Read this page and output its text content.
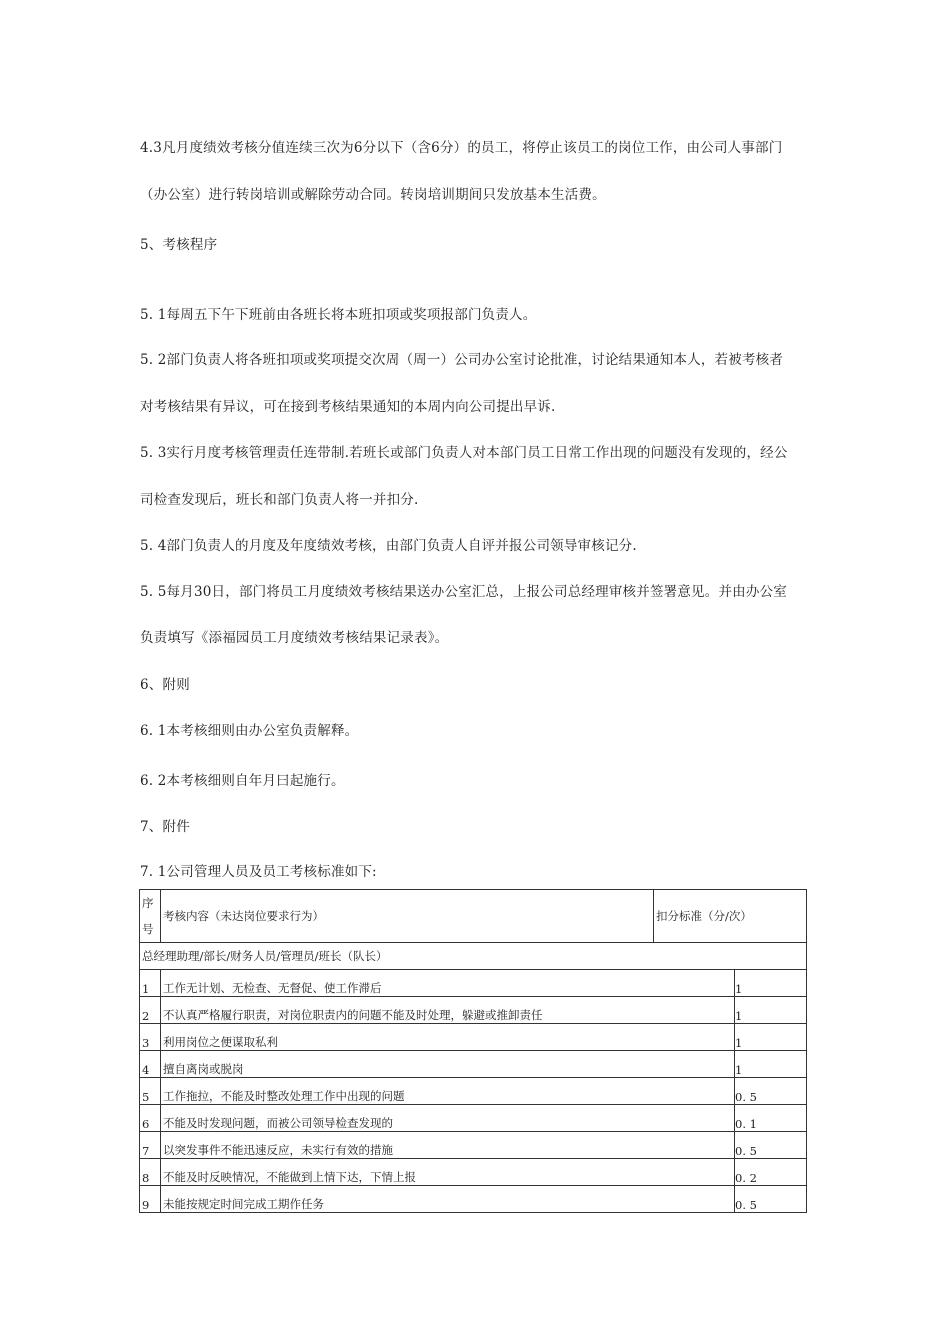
4.3凡月度绩效考核分值连续三次为6分以下（含6分）的员工，将停止该员工的岗位工作，由公司人事部门
（办公室）进行转岗培训或解除劳动合同。转岗培训期间只发放基本生活费。
5、考核程序
5. 1每周五下午下班前由各班长将本班扣项或奖项报部门负责人。
5. 2部门负责人将各班扣项或奖项提交次周（周一）公司办公室讨论批准，讨论结果通知本人，若被考核者
对考核结果有异议，可在接到考核结果通知的本周内向公司提出早诉.
5. 3实行月度考核管理责任连带制.若班长或部门负责人对本部门员工日常工作出现的问题没有发现的，经公
司检查发现后，班长和部门负责人将一并扣分.
5. 4部门负责人的月度及年度绩效考核，由部门负责人自评并报公司领导审核记分.
5. 5每月30日，部门将员工月度绩效考核结果送办公室汇总，上报公司总经理审核并签署意见。并由办公室
负责填写《添福园员工月度绩效考核结果记录表》。
6、附则
6. 1本考核细则由办公室负责解释。
6. 2本考核细则自年月曰起施行。
7、附件
7. 1公司管理人员及员工考核标准如下:
序号	考核内容（未达岗位要求行为）	扣分标准（分/次）	
总经理助理/部长/财务人员/管理员/班长（队长）			
1	工作无计划、无检查、无督促、使工作滞后		1
2	不认真严格履行职责，对岗位职责内的问题不能及时处理，躲避或推卸责任		1
3	利用岗位之便谋取私利		1
4	擅自离岗或脱岗		1
5	工作拖拉，不能及时整改处理工作中出现的问题		0. 5
6	不能及时发现问题，而被公司领导检查发现的		0. 1
7	以突发事件不能迅速反应，未实行有效的措施		0. 5
8	不能及时反映情况，不能做到上情下达，下情上报		0. 2
9	未能按规定时间完成工期作任务		0. 5
